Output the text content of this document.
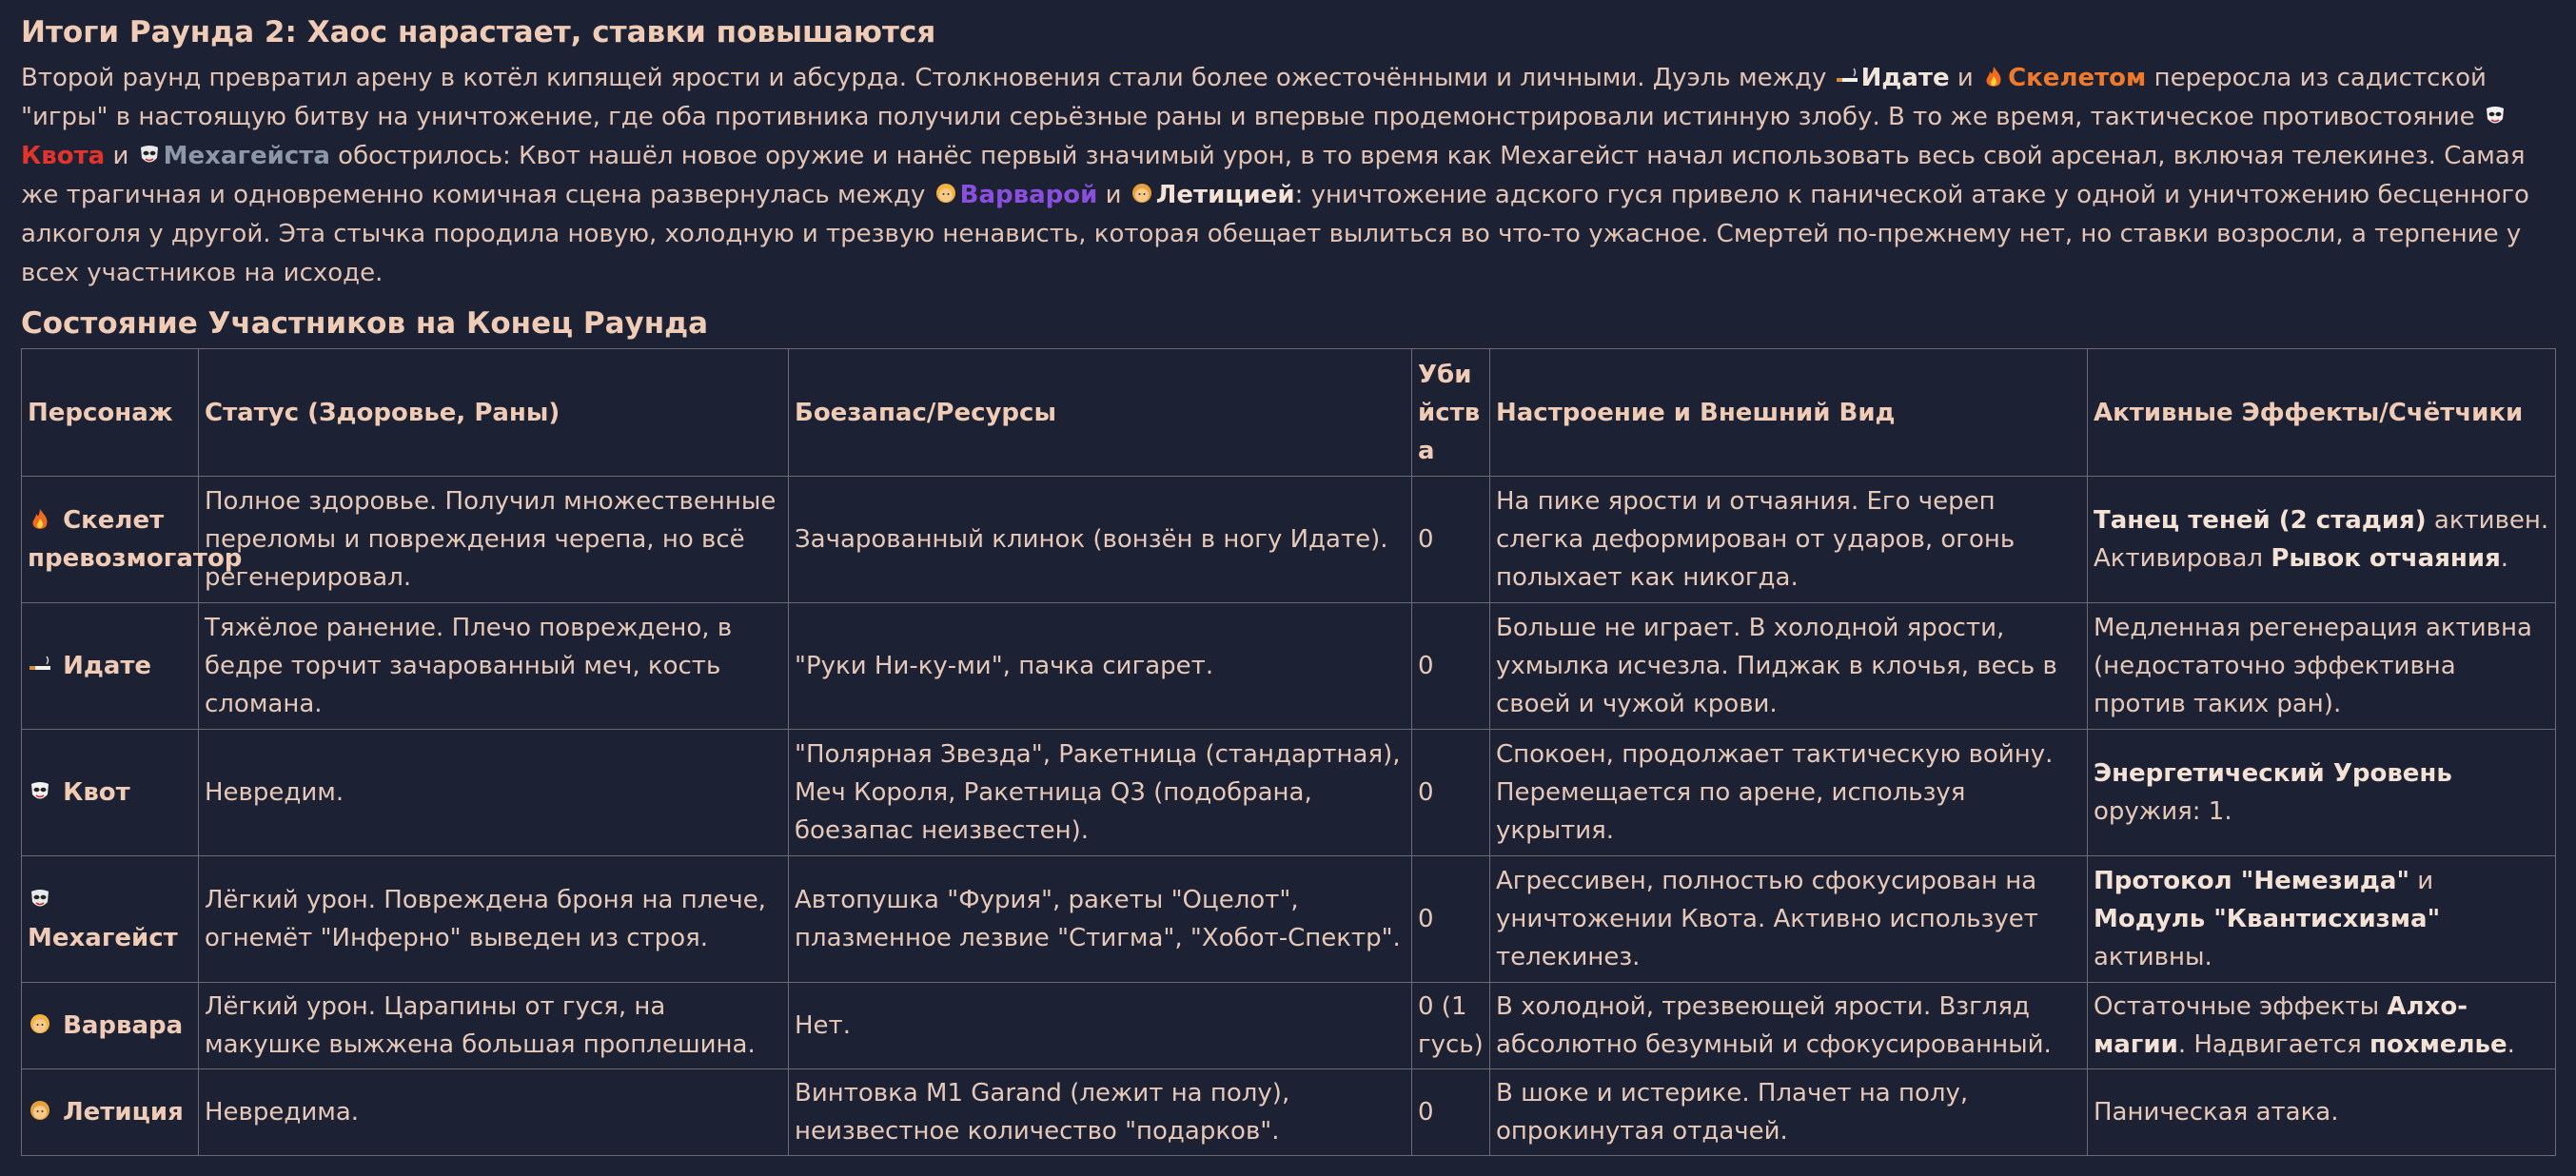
Итоги Раунда 2: Хаос нарастает, ставки повышаются
Второй раунд превратил арену в котёл кипящей ярости и абсурда. Столкновения стали более ожесточёнными и личными. Дуэль между Идате и Скелетом переросла из садистской "игры" в настоящую битву на уничтожение, где оба противника получили серьёзные раны и впервые продемонстрировали истинную злобу. В то же время, тактическое противостояние Квота и Мехагейста обострилось: Квот нашёл новое оружие и нанёс первый значимый урон, в то время как Мехагейст начал использовать весь свой арсенал, включая телекинез. Самая же трагичная и одновременно комичная сцена развернулась между Варварой и Летицией: уничтожение адского гуся привело к панической атаке у одной и уничтожению бесценного алкоголя у другой. Эта стычка породила новую, холодную и трезвую ненависть, которая обещает вылиться во что-то ужасное. Смертей по-прежнему нет, но ставки возросли, а терпение у всех участников на исходе.
Состояние Участников на Конец Раунда
Персонаж	Статус (Здоровье, Раны)	Боезапас/Ресурсы	Убийства	Настроение и Внешний Вид	Активные Эффекты/Счётчики
Скелет превозмогатор	Полное здоровье. Получил множественные переломы и повреждения черепа, но всё регенерировал.	Зачарованный клинок (вонзён в ногу Идате).	0	На пике ярости и отчаяния. Его череп слегка деформирован от ударов, огонь полыхает как никогда.	Танец теней (2 стадия) активен. Активировал Рывок отчаяния.
Идате	Тяжёлое ранение. Плечо повреждено, в бедре торчит зачарованный меч, кость сломана.	"Руки Ни-ку-ми", пачка сигарет.	0	Больше не играет. В холодной ярости, ухмылка исчезла. Пиджак в клочья, весь в своей и чужой крови.	Медленная регенерация активна (недостаточно эффективна против таких ран).
Квот	Невредим.	"Полярная Звезда", Ракетница (стандартная), Меч Короля, Ракетница Q3 (подобрана, боезапас неизвестен).	0	Спокоен, продолжает тактическую войну. Перемещается по арене, используя укрытия.	Энергетический Уровень оружия: 1.

Мехагейст	Лёгкий урон. Повреждена броня на плече, огнемёт "Инферно" выведен из строя.	Автопушка "Фурия", ракеты "Оцелот", плазменное лезвие "Стигма", "Хобот-Спектр".	0	Агрессивен, полностью сфокусирован на уничтожении Квота. Активно использует телекинез.	Протокол "Немезида" и Модуль "Квантисхизма" активны.
Варвара	Лёгкий урон. Царапины от гуся, на макушке выжжена большая проплешина.	Нет.	0 (1 гусь)	В холодной, трезвеющей ярости. Взгляд абсолютно безумный и сфокусированный.	Остаточные эффекты Алхо-магии. Надвигается похмелье.
Летиция	Невредима.	Винтовка M1 Garand (лежит на полу), неизвестное количество "подарков".	0	В шоке и истерике. Плачет на полу, опрокинутая отдачей.	Паническая атака.
